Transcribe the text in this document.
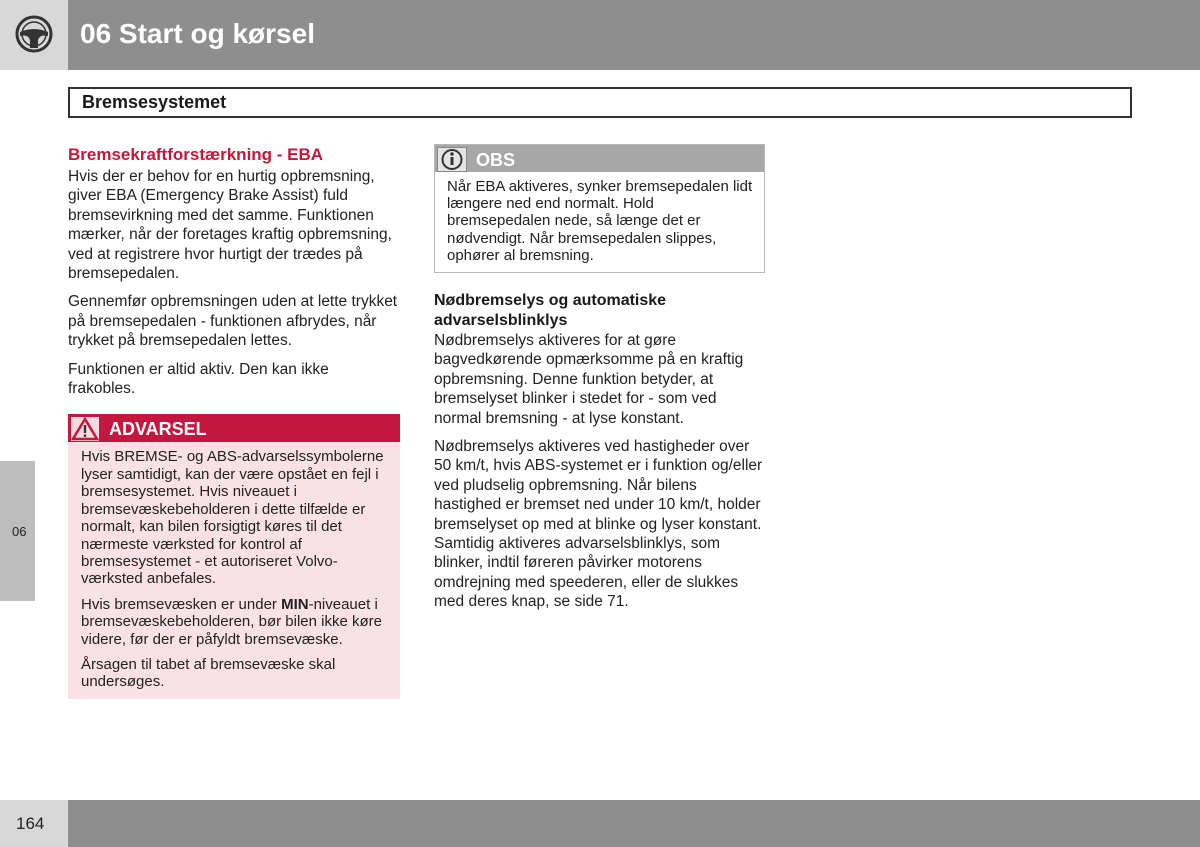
06 Start og kørsel
Bremsesystemet
Bremsekraftforstærkning - EBA

Hvis der er behov for en hurtig opbremsning, giver EBA (Emergency Brake Assist) fuld bremsevirkning med det samme. Funktionen mærker, når der foretages kraftig opbremsning, ved at registrere hvor hurtigt der trædes på bremsepedalen.

Gennemfør opbremsningen uden at lette trykket på bremsepedalen - funktionen afbrydes, når trykket på bremsepedalen lettes.

Funktionen er altid aktiv. Den kan ikke frakobles.

ADVARSEL

Hvis BREMSE- og ABS-advarselssymbolerne lyser samtidigt, kan der være opstået en fejl i bremsesystemet. Hvis niveauet i bremsevæskebeholderen i dette tilfælde er normalt, kan bilen forsigtigt køres til det nærmeste værksted for kontrol af bremsesystemet - et autoriseret Volvo-værksted anbefales.

Hvis bremsevæsken er under MIN-niveauet i bremsevæskebeholderen, bør bilen ikke køre videre, før der er påfyldt bremsevæske.

Årsagen til tabet af bremsevæske skal undersøges.

OBS

Når EBA aktiveres, synker bremsepedalen lidt længere ned end normalt. Hold bremsepedalen nede, så længe det er nødvendigt. Når bremsepedalen slippes, ophører al bremsning.

Nødbremselys og automatiske advarselsblinklys

Nødbremselys aktiveres for at gøre bagvedkørende opmærksomme på en kraftig opbremsning. Denne funktion betyder, at bremselyset blinker i stedet for - som ved normal bremsning - at lyse konstant.

Nødbremselys aktiveres ved hastigheder over 50 km/t, hvis ABS-systemet er i funktion og/eller ved pludselig opbremsning. Når bilens hastighed er bremset ned under 10 km/t, holder bremselyset op med at blinke og lyser konstant. Samtidig aktiveres advarselsblinklys, som blinker, indtil føreren påvirker motorens omdrejning med speederen, eller de slukkes med deres knap, se side 71.

06
164
